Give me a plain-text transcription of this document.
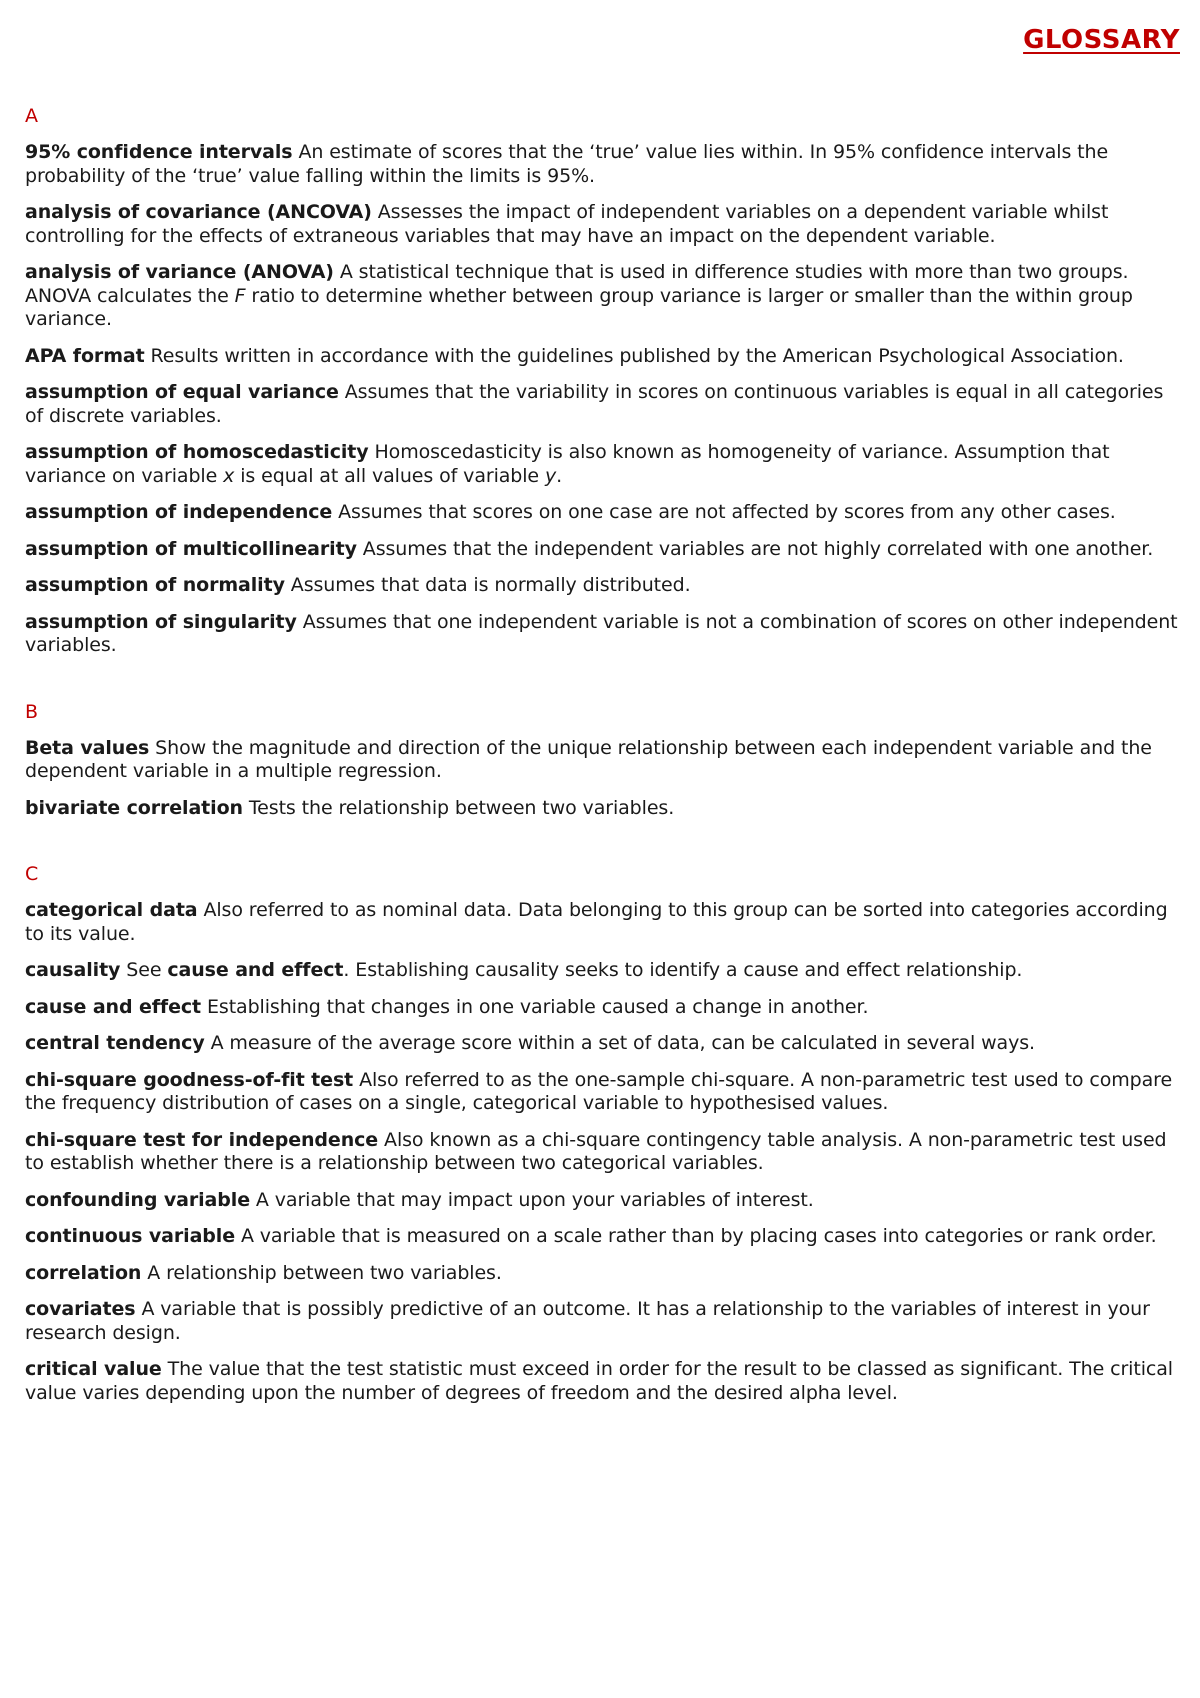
GLOSSARY
A

95% confidence intervals An estimate of scores that the ‘true’ value lies within. In 95% confidence intervals the probability of the ‘true’ value falling within the limits is 95%.

analysis of covariance (ANCOVA) Assesses the impact of independent variables on a dependent variable whilst controlling for the effects of extraneous variables that may have an impact on the dependent variable.

analysis of variance (ANOVA) A statistical technique that is used in difference studies with more than two groups. ANOVA calculates the F ratio to determine whether between group variance is larger or smaller than the within group variance.

APA format Results written in accordance with the guidelines published by the American Psychological Association.

assumption of equal variance Assumes that the variability in scores on continuous variables is equal in all categories of discrete variables.

assumption of homoscedasticity Homoscedasticity is also known as homogeneity of variance. Assumption that variance on variable x is equal at all values of variable y.

assumption of independence Assumes that scores on one case are not affected by scores from any other cases.

assumption of multicollinearity Assumes that the independent variables are not highly correlated with one another.

assumption of normality Assumes that data is normally distributed.

assumption of singularity Assumes that one independent variable is not a combination of scores on other independent variables.

B

Beta values Show the magnitude and direction of the unique relationship between each independent variable and the dependent variable in a multiple regression.

bivariate correlation Tests the relationship between two variables.

C

categorical data Also referred to as nominal data. Data belonging to this group can be sorted into categories according to its value.

causality See cause and effect. Establishing causality seeks to identify a cause and effect relationship.

cause and effect Establishing that changes in one variable caused a change in another.

central tendency A measure of the average score within a set of data, can be calculated in several ways.

chi-square goodness-of-fit test Also referred to as the one-sample chi-square. A non-parametric test used to compare the frequency distribution of cases on a single, categorical variable to hypothesised values.

chi-square test for independence Also known as a chi-square contingency table analysis. A non-parametric test used to establish whether there is a relationship between two categorical variables.

confounding variable A variable that may impact upon your variables of interest.

continuous variable A variable that is measured on a scale rather than by placing cases into categories or rank order.

correlation A relationship between two variables.

covariates A variable that is possibly predictive of an outcome. It has a relationship to the variables of interest in your research design.

critical value The value that the test statistic must exceed in order for the result to be classed as significant. The critical value varies depending upon the number of degrees of freedom and the desired alpha level.
